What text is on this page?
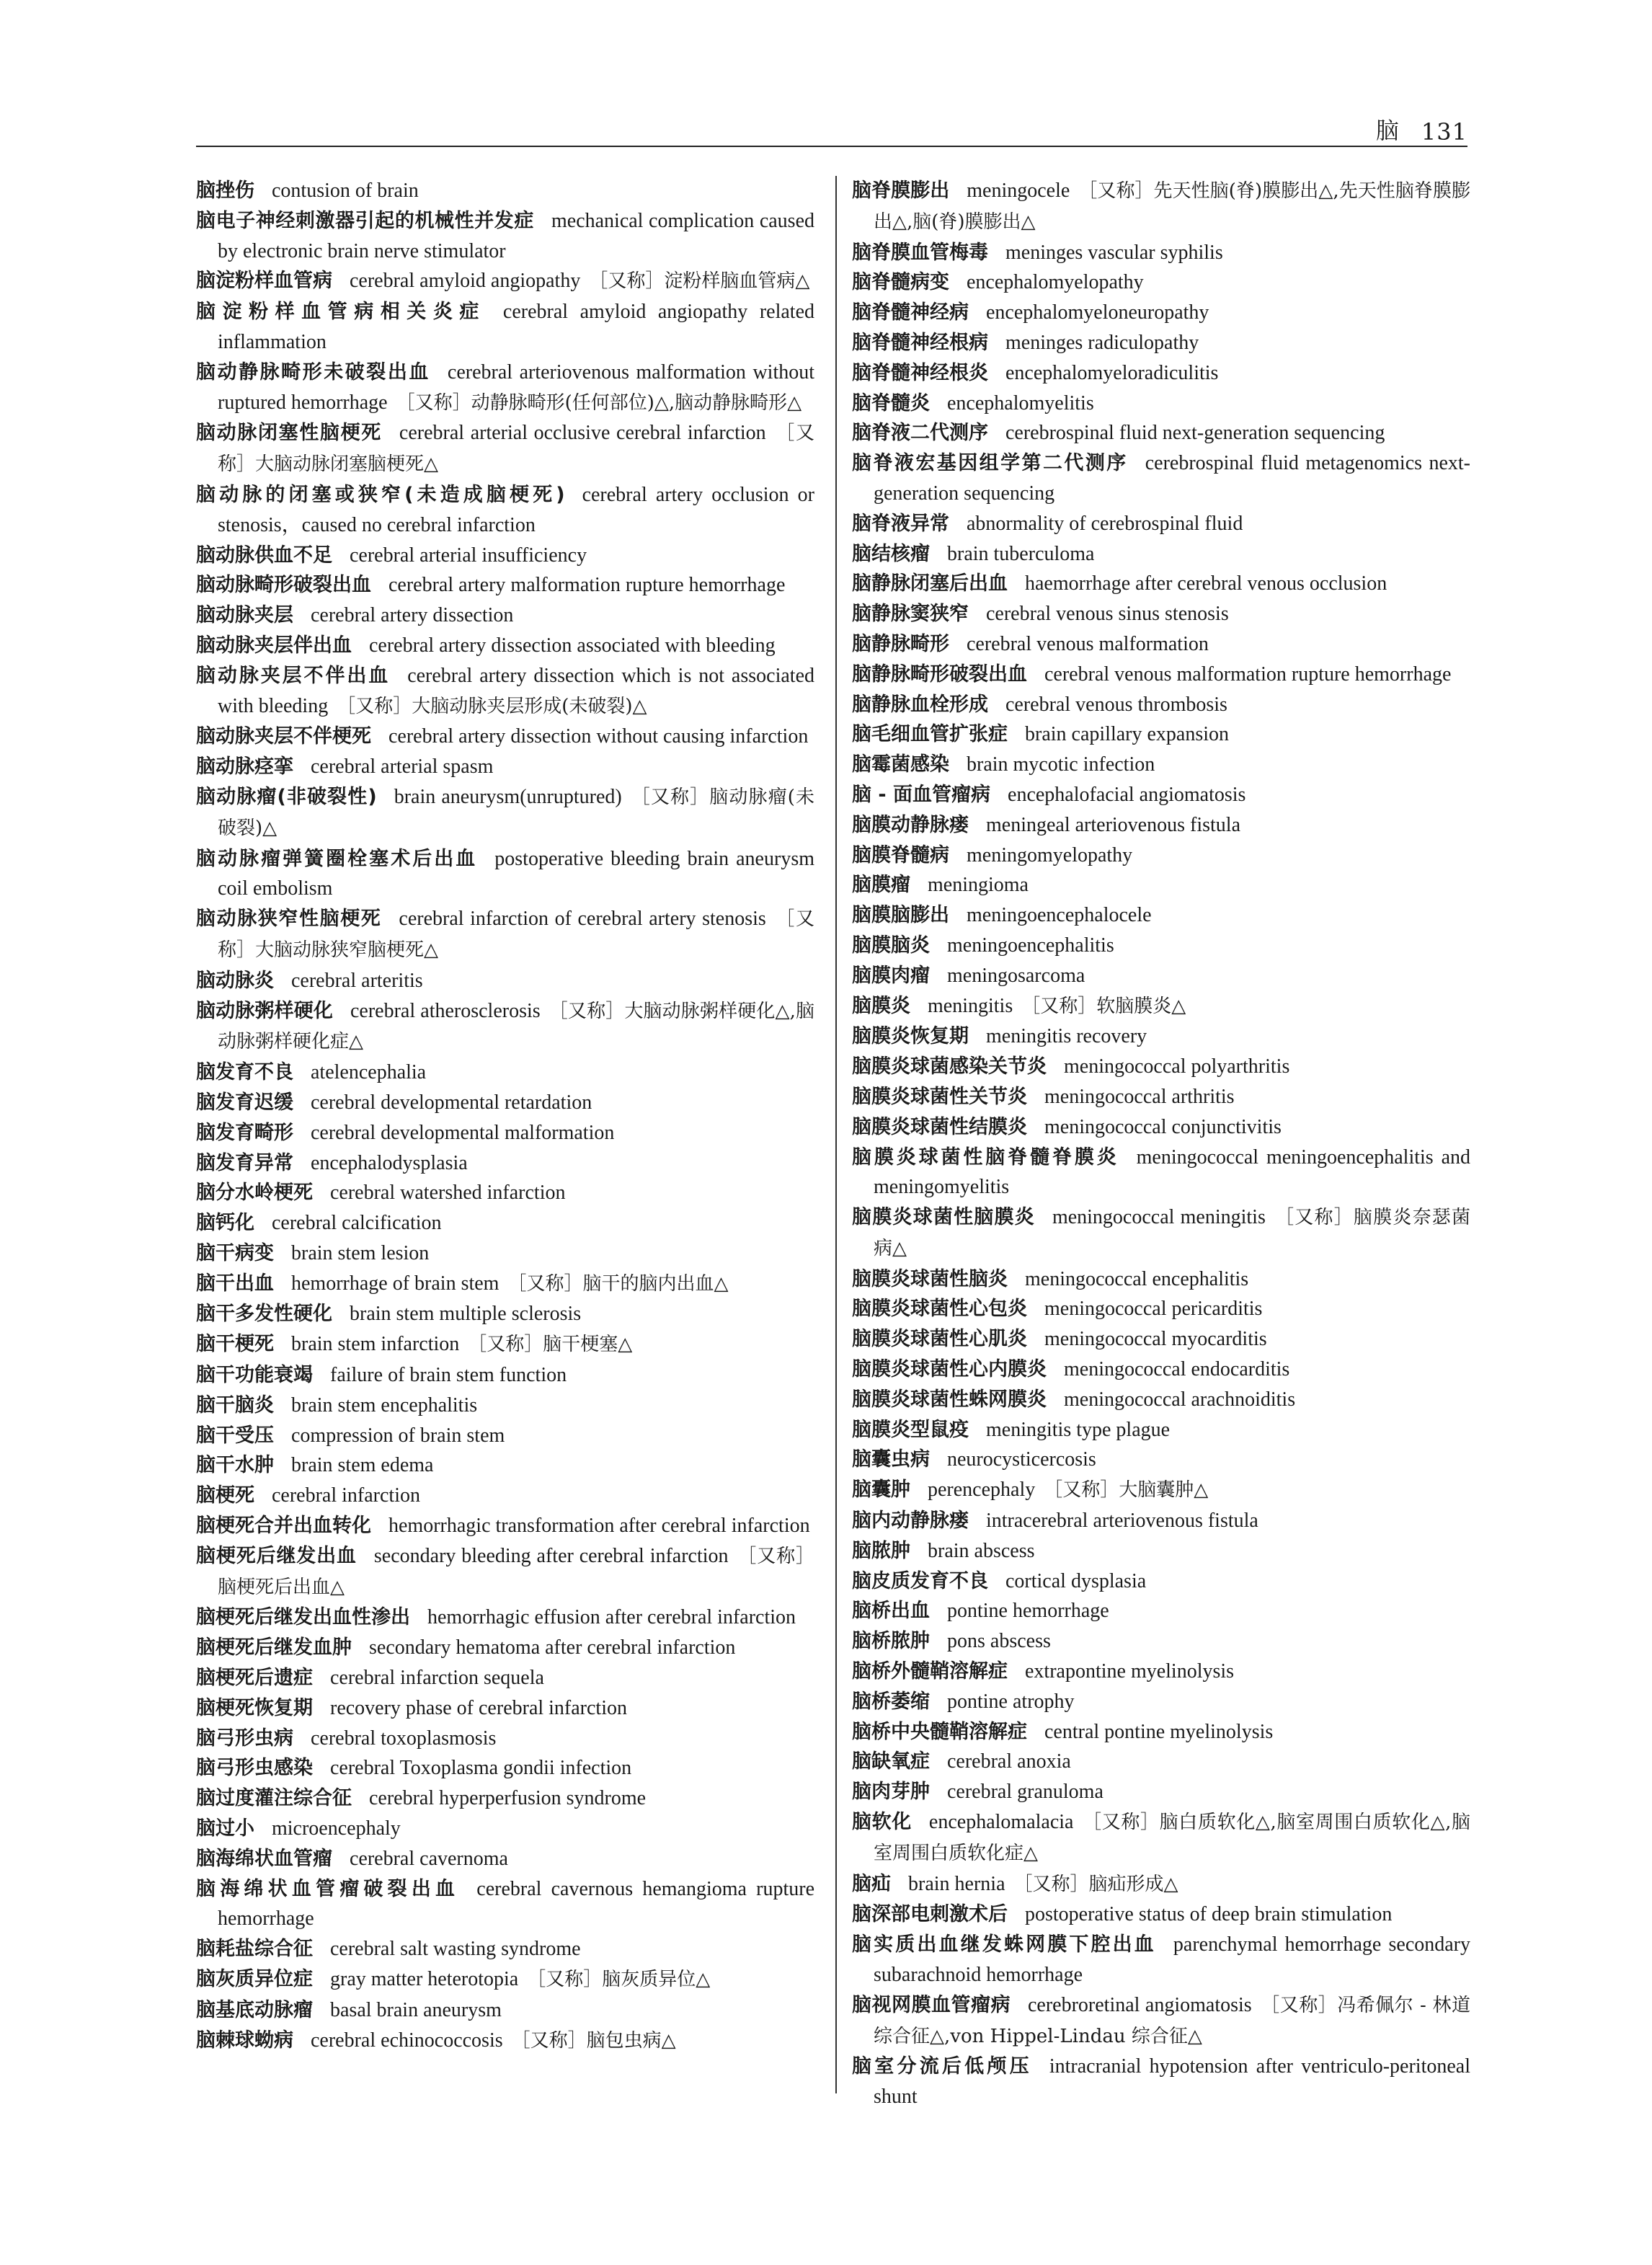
脑 131

脑挫伤 contusion of brain

脑电子神经刺激器引起的机械性并发症 mechanical complication caused by electronic brain nerve stimulator

脑淀粉样血管病 cerebral amyloid angiopathy ［又称］淀粉样脑血管病△

脑淀粉样血管病相关炎症 cerebral amyloid angiopathy related inflammation

脑动静脉畸形未破裂出血 cerebral arteriovenous malformation without ruptured hemorrhage ［又称］动静脉畸形(任何部位)△,脑动静脉畸形△

脑动脉闭塞性脑梗死 cerebral arterial occlusive cerebral infarction ［又称］大脑动脉闭塞脑梗死△

脑动脉的闭塞或狭窄(未造成脑梗死) cerebral artery occlusion or stenosis，caused no cerebral infarction

脑动脉供血不足 cerebral arterial insufficiency

脑动脉畸形破裂出血 cerebral artery malformation rupture hemorrhage

脑动脉夹层 cerebral artery dissection

脑动脉夹层伴出血 cerebral artery dissection associated with bleeding

脑动脉夹层不伴出血 cerebral artery dissection which is not associated with bleeding ［又称］大脑动脉夹层形成(未破裂)△

脑动脉夹层不伴梗死 cerebral artery dissection without causing infarction

脑动脉痉挛 cerebral arterial spasm

脑动脉瘤(非破裂性) brain aneurysm(unruptured) ［又称］脑动脉瘤(未破裂)△

脑动脉瘤弹簧圈栓塞术后出血 postoperative bleeding brain aneurysm coil embolism

脑动脉狭窄性脑梗死 cerebral infarction of cerebral artery stenosis ［又称］大脑动脉狭窄脑梗死△

脑动脉炎 cerebral arteritis

脑动脉粥样硬化 cerebral atherosclerosis ［又称］大脑动脉粥样硬化△,脑动脉粥样硬化症△

脑发育不良 atelencephalia

脑发育迟缓 cerebral developmental retardation

脑发育畸形 cerebral developmental malformation

脑发育异常 encephalodysplasia

脑分水岭梗死 cerebral watershed infarction

脑钙化 cerebral calcification

脑干病变 brain stem lesion

脑干出血 hemorrhage of brain stem ［又称］脑干的脑内出血△

脑干多发性硬化 brain stem multiple sclerosis

脑干梗死 brain stem infarction ［又称］脑干梗塞△

脑干功能衰竭 failure of brain stem function

脑干脑炎 brain stem encephalitis

脑干受压 compression of brain stem

脑干水肿 brain stem edema

脑梗死 cerebral infarction

脑梗死合并出血转化 hemorrhagic transformation after cerebral infarction

脑梗死后继发出血 secondary bleeding after cerebral infarction ［又称］脑梗死后出血△

脑梗死后继发出血性渗出 hemorrhagic effusion after cerebral infarction

脑梗死后继发血肿 secondary hematoma after cerebral infarction

脑梗死后遗症 cerebral infarction sequela

脑梗死恢复期 recovery phase of cerebral infarction

脑弓形虫病 cerebral toxoplasmosis

脑弓形虫感染 cerebral Toxoplasma gondii infection

脑过度灌注综合征 cerebral hyperperfusion syndrome

脑过小 microencephaly

脑海绵状血管瘤 cerebral cavernoma

脑海绵状血管瘤破裂出血 cerebral cavernous hemangioma rupture hemorrhage

脑耗盐综合征 cerebral salt wasting syndrome

脑灰质异位症 gray matter heterotopia ［又称］脑灰质异位△

脑基底动脉瘤 basal brain aneurysm

脑棘球蚴病 cerebral echinococcosis ［又称］脑包虫病△

脑脊膜膨出 meningocele ［又称］先天性脑(脊)膜膨出△,先天性脑脊膜膨出△,脑(脊)膜膨出△

脑脊膜血管梅毒 meninges vascular syphilis

脑脊髓病变 encephalomyelopathy

脑脊髓神经病 encephalomyeloneuropathy

脑脊髓神经根病 meninges radiculopathy

脑脊髓神经根炎 encephalomyeloradiculitis

脑脊髓炎 encephalomyelitis

脑脊液二代测序 cerebrospinal fluid next-generation sequencing

脑脊液宏基因组学第二代测序 cerebrospinal fluid metagenomics next-generation sequencing

脑脊液异常 abnormality of cerebrospinal fluid

脑结核瘤 brain tuberculoma

脑静脉闭塞后出血 haemorrhage after cerebral venous occlusion

脑静脉窦狭窄 cerebral venous sinus stenosis

脑静脉畸形 cerebral venous malformation

脑静脉畸形破裂出血 cerebral venous malformation rupture hemorrhage

脑静脉血栓形成 cerebral venous thrombosis

脑毛细血管扩张症 brain capillary expansion

脑霉菌感染 brain mycotic infection

脑 - 面血管瘤病 encephalofacial angiomatosis

脑膜动静脉瘘 meningeal arteriovenous fistula

脑膜脊髓病 meningomyelopathy

脑膜瘤 meningioma

脑膜脑膨出 meningoencephalocele

脑膜脑炎 meningoencephalitis

脑膜肉瘤 meningosarcoma

脑膜炎 meningitis ［又称］软脑膜炎△

脑膜炎恢复期 meningitis recovery

脑膜炎球菌感染关节炎 meningococcal polyarthritis

脑膜炎球菌性关节炎 meningococcal arthritis

脑膜炎球菌性结膜炎 meningococcal conjunctivitis

脑膜炎球菌性脑脊髓脊膜炎 meningococcal meningoencephalitis and meningomyelitis

脑膜炎球菌性脑膜炎 meningococcal meningitis ［又称］脑膜炎奈瑟菌病△

脑膜炎球菌性脑炎 meningococcal encephalitis

脑膜炎球菌性心包炎 meningococcal pericarditis

脑膜炎球菌性心肌炎 meningococcal myocarditis

脑膜炎球菌性心内膜炎 meningococcal endocarditis

脑膜炎球菌性蛛网膜炎 meningococcal arachnoiditis

脑膜炎型鼠疫 meningitis type plague

脑囊虫病 neurocysticercosis

脑囊肿 perencephaly ［又称］大脑囊肿△

脑内动静脉瘘 intracerebral arteriovenous fistula

脑脓肿 brain abscess

脑皮质发育不良 cortical dysplasia

脑桥出血 pontine hemorrhage

脑桥脓肿 pons abscess

脑桥外髓鞘溶解症 extrapontine myelinolysis

脑桥萎缩 pontine atrophy

脑桥中央髓鞘溶解症 central pontine myelinolysis

脑缺氧症 cerebral anoxia

脑肉芽肿 cerebral granuloma

脑软化 encephalomalacia ［又称］脑白质软化△,脑室周围白质软化△,脑室周围白质软化症△

脑疝 brain hernia ［又称］脑疝形成△

脑深部电刺激术后 postoperative status of deep brain stimulation

脑实质出血继发蛛网膜下腔出血 parenchymal hemorrhage secondary subarachnoid hemorrhage

脑视网膜血管瘤病 cerebroretinal angiomatosis ［又称］冯希佩尔 - 林道综合征△,von Hippel-Lindau 综合征△

脑室分流后低颅压 intracranial hypotension after ventriculo-peritoneal shunt
